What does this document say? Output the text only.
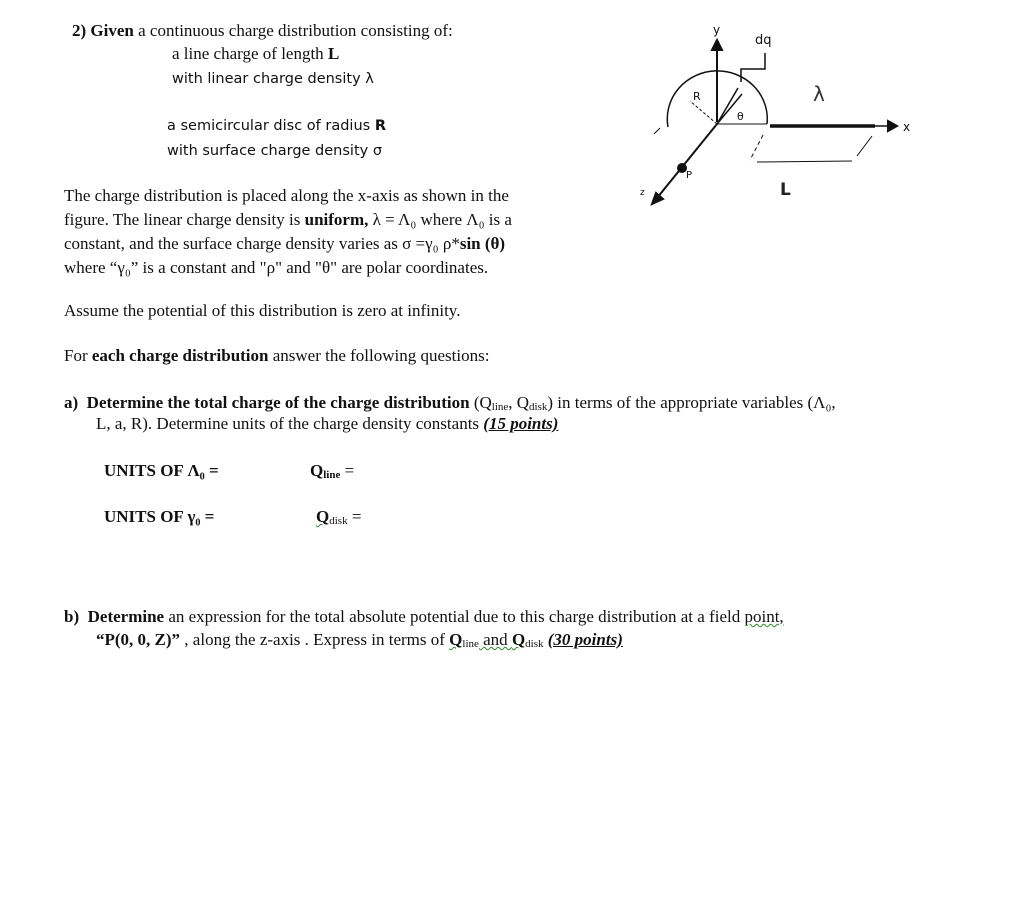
2) Given a continuous charge distribution consisting of:
a line charge of length L
with linear charge density λ
a semicircular disc of radius R
with surface charge density σ
The charge distribution is placed along the x-axis as shown in the
figure. The linear charge density is uniform, λ = Λ₀ where Λ₀ is a
constant, and the surface charge density varies as σ =γ₀ ρ*sin (θ)
where “γ₀” is a constant and "ρ" and "θ" are polar coordinates.
Assume the potential of this distribution is zero at infinity.
For each charge distribution answer the following questions:
a) Determine the total charge of the charge distribution ($Q_{line}$, $Q_{disk}$) in terms of the appropriate variables (Λ₀,
L, a, R). Determine units of the charge density constants (15 points)
UNITS OF Λ₀ =	$Q_{line}$ =
UNITS OF γ₀ =	$Q_{disk}$ =
b) Determine an expression for the total absolute potential due to this charge distribution at a field point,
“P(0, 0, Z)” , along the z-axis . Express in terms of $Q_{line}$ and $Q_{disk}$ (30 points)
y
dq
λ
x
R
θ
P
L
z
